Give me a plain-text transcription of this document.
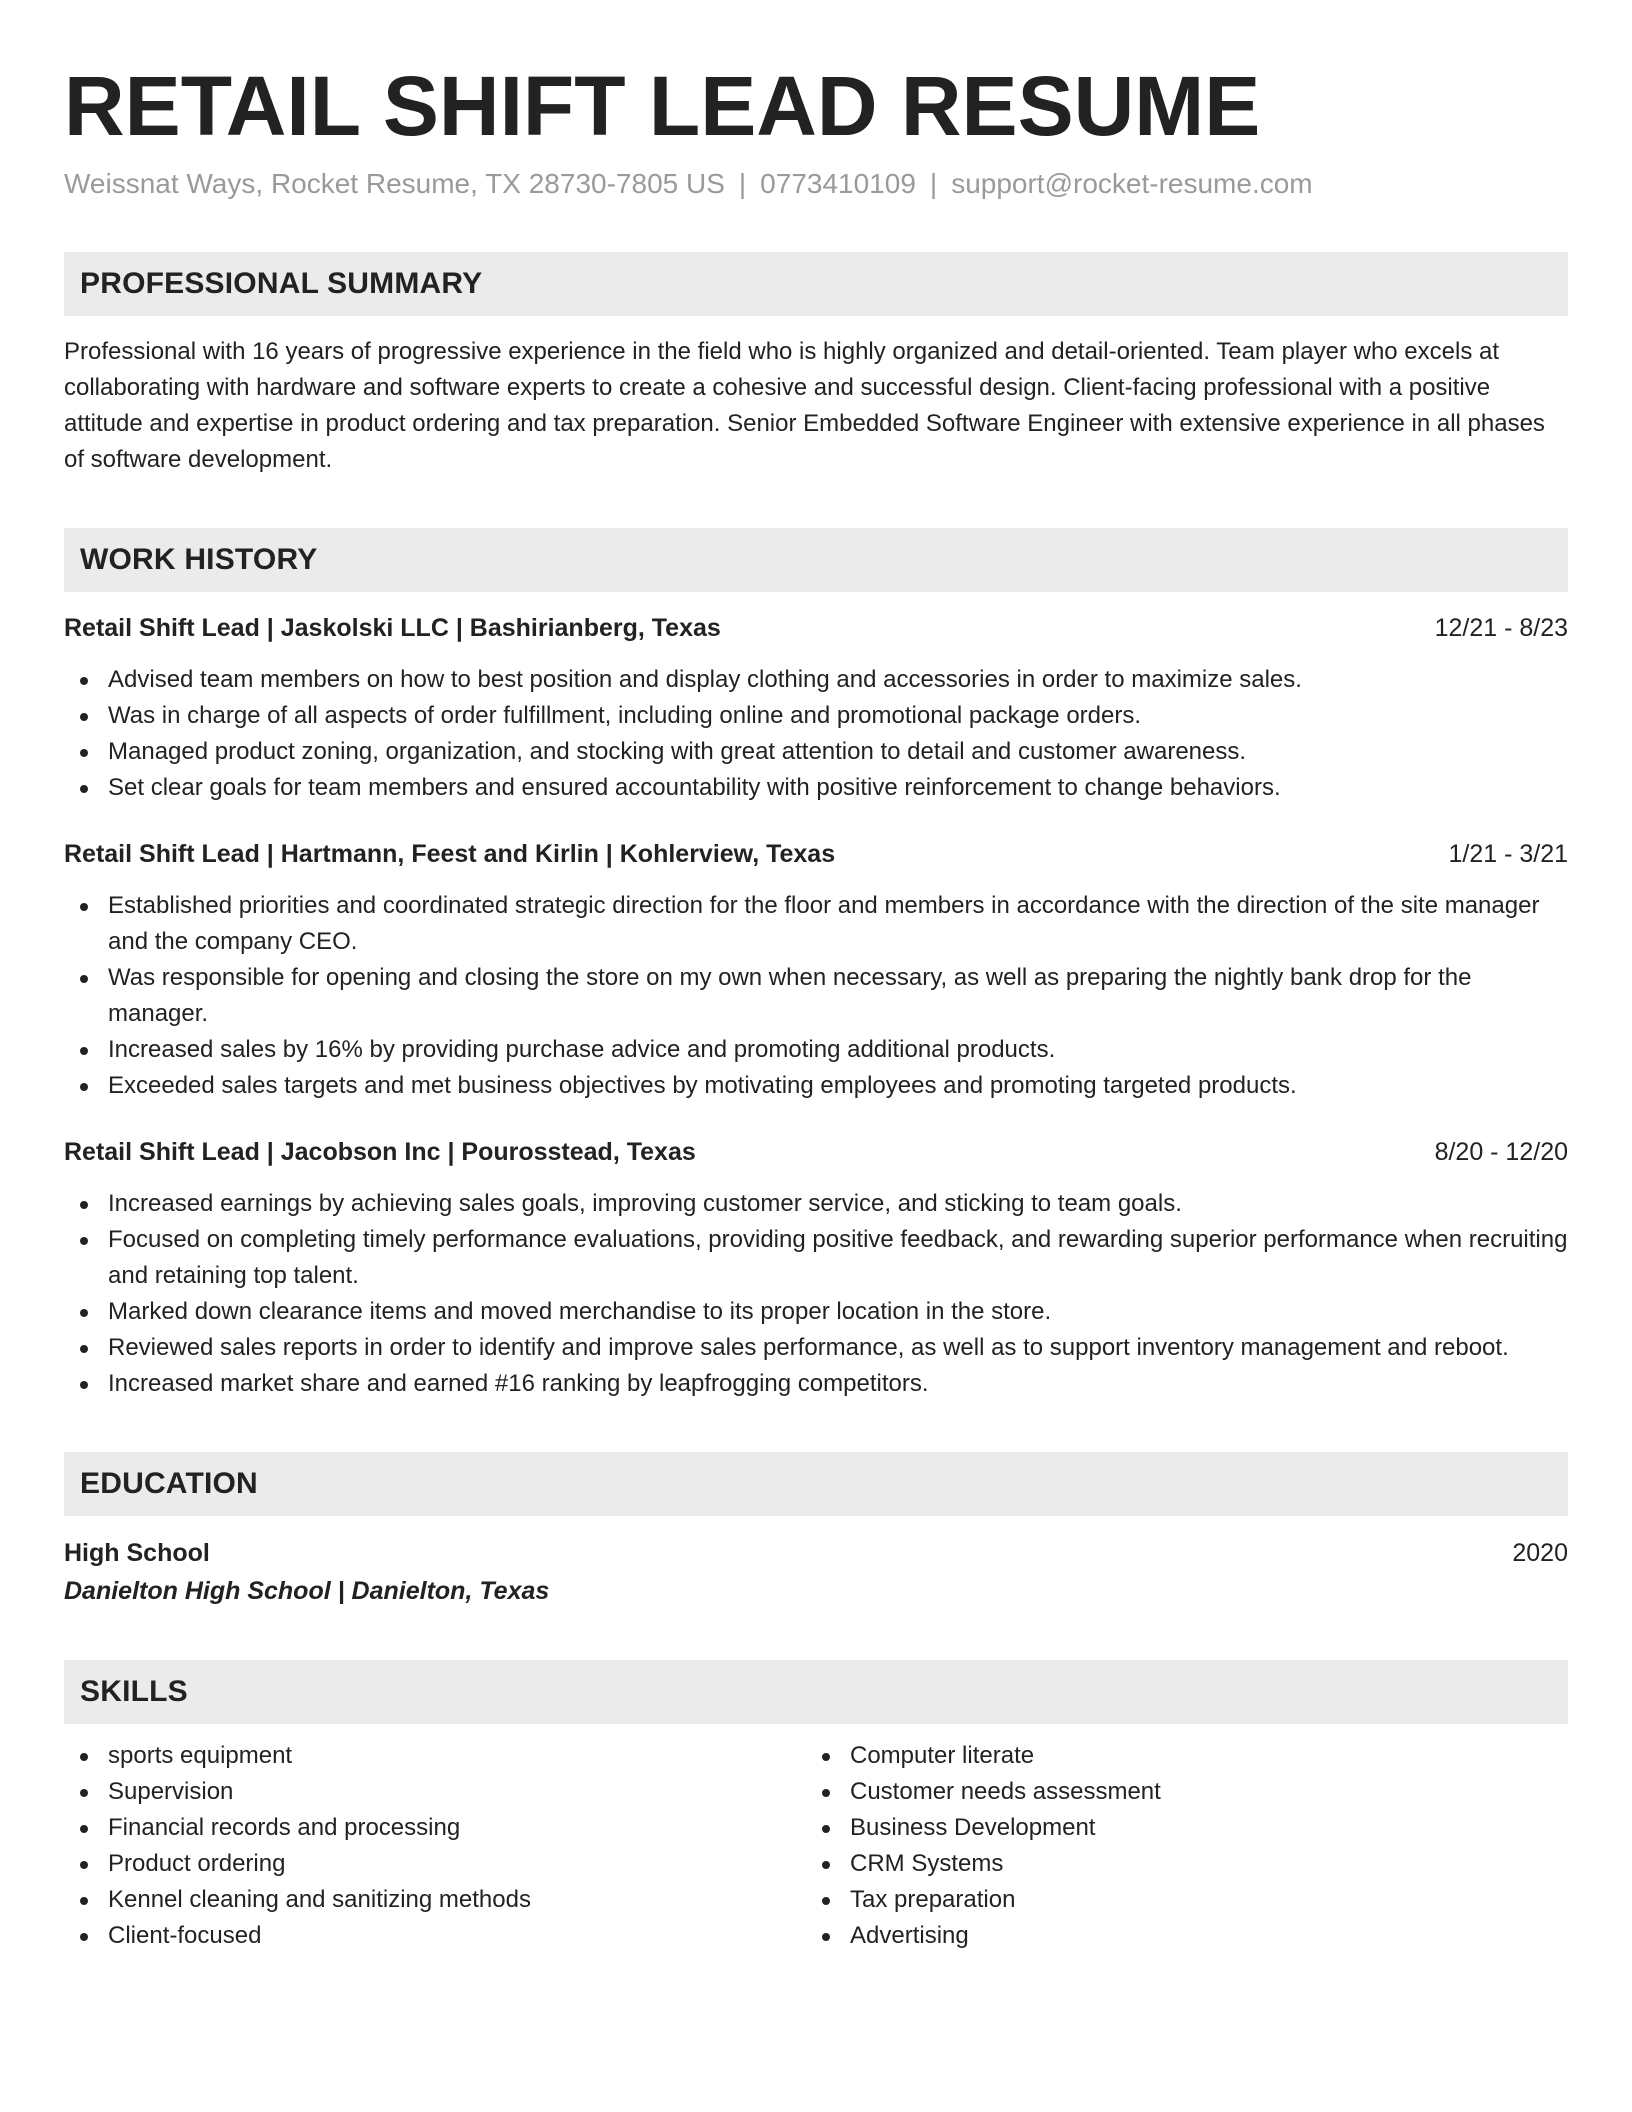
RETAIL SHIFT LEAD RESUME
Weissnat Ways, Rocket Resume, TX 28730-7805 US | 0773410109 | support@rocket-resume.com
PROFESSIONAL SUMMARY

Professional with 16 years of progressive experience in the field who is highly organized and detail-oriented. Team player who excels at collaborating with hardware and software experts to create a cohesive and successful design. Client-facing professional with a positive attitude and expertise in product ordering and tax preparation. Senior Embedded Software Engineer with extensive experience in all phases of software development.

WORK HISTORY
Retail Shift Lead | Jaskolski LLC | Bashirianberg, Texas	12/21 - 8/23
Advised team members on how to best position and display clothing and accessories in order to maximize sales.
Was in charge of all aspects of order fulfillment, including online and promotional package orders.
Managed product zoning, organization, and stocking with great attention to detail and customer awareness.
Set clear goals for team members and ensured accountability with positive reinforcement to change behaviors.
Retail Shift Lead | Hartmann, Feest and Kirlin | Kohlerview, Texas	1/21 - 3/21
Established priorities and coordinated strategic direction for the floor and members in accordance with the direction of the site manager and the company CEO.
Was responsible for opening and closing the store on my own when necessary, as well as preparing the nightly bank drop for the manager.
Increased sales by 16% by providing purchase advice and promoting additional products.
Exceeded sales targets and met business objectives by motivating employees and promoting targeted products.
Retail Shift Lead | Jacobson Inc | Pourosstead, Texas	8/20 - 12/20
Increased earnings by achieving sales goals, improving customer service, and sticking to team goals.
Focused on completing timely performance evaluations, providing positive feedback, and rewarding superior performance when recruiting and retaining top talent.
Marked down clearance items and moved merchandise to its proper location in the store.
Reviewed sales reports in order to identify and improve sales performance, as well as to support inventory management and reboot.
Increased market share and earned #16 ranking by leapfrogging competitors.
EDUCATION
High School	2020
Danielton High School | Danielton, Texas
SKILLS
sports equipment
Supervision
Financial records and processing
Product ordering
Kennel cleaning and sanitizing methods
Client-focused
Computer literate
Customer needs assessment
Business Development
CRM Systems
Tax preparation
Advertising
